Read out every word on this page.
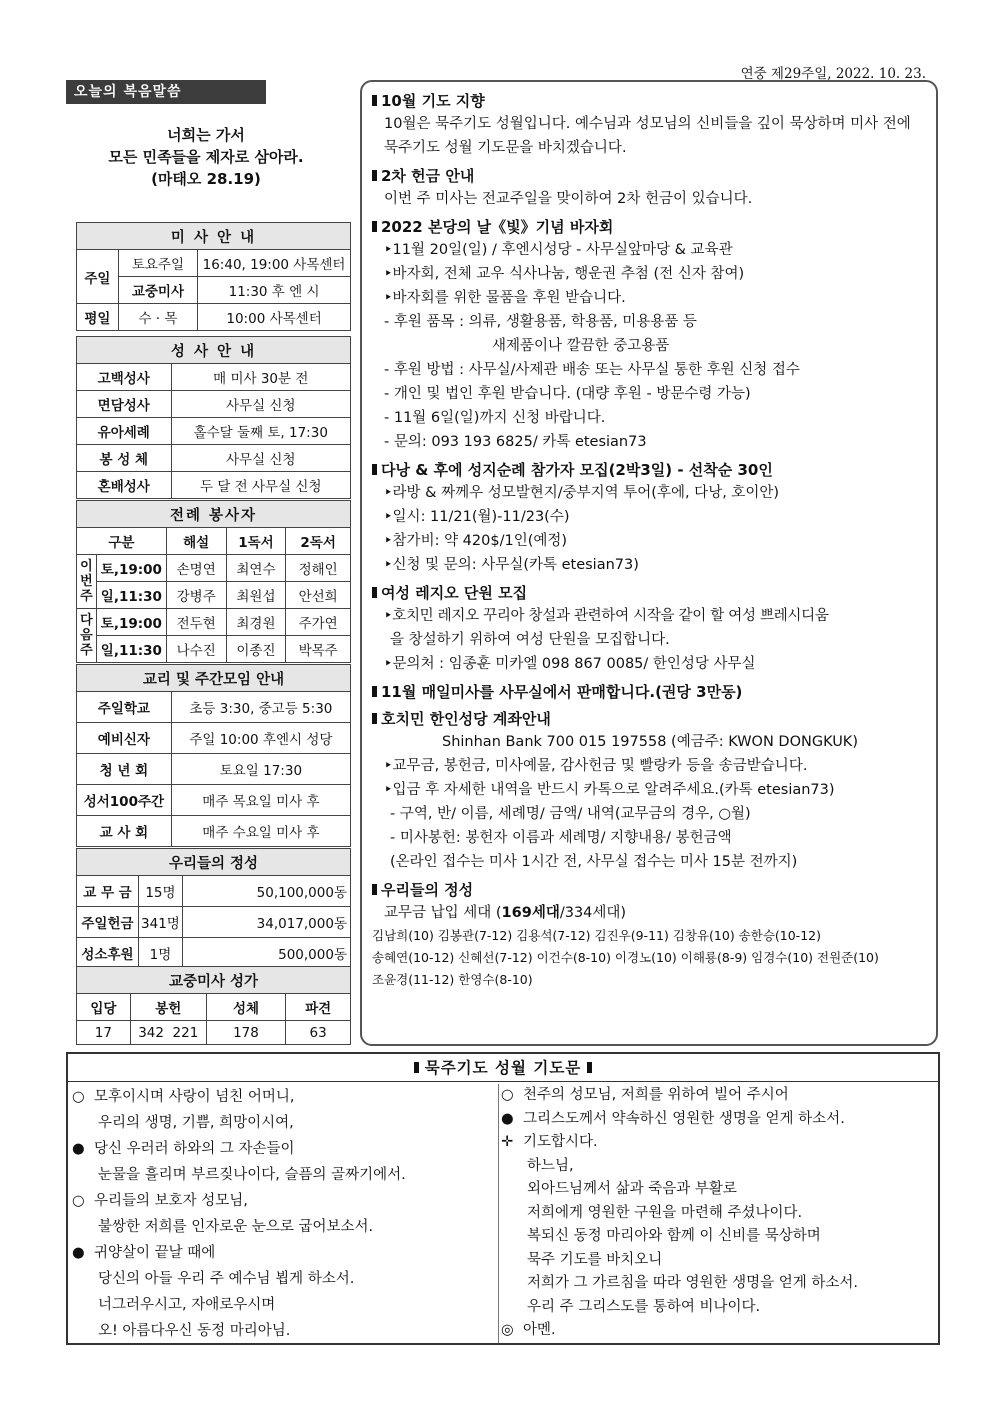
연중 제29주일, 2022. 10. 23.
오늘의 복음말씀
너희는 가서
모든 민족들을 제자로 삼아라.
(마태오 28.19)
미 사 안 내		
주일	토요주일	16:40, 19:00 사목센터
	교중미사	11:30 후 엔 시
평일	수 · 목	10:00 사목센터
성 사 안 내	
고백성사	매 미사 30분 전
면담성사	사무실 신청
유아세례	홀수달 둘째 토, 17:30
봉 성 체	사무실 신청
혼배성사	두 달 전 사무실 신청
전례 봉사자				
구분		해설	1독서	2독서
이번주	토,19:00	손명연	최연수	정해인
	일,11:30	강병주	최원섭	안선희
다음주	토,19:00	전두현	최경원	주가연
	일,11:30	나수진	이종진	박목주
교리 및 주간모임 안내	
주일학교	초등 3:30, 중고등 5:30
예비신자	주일 10:00 후엔시 성당
청 년 회	토요일 17:30
성서100주간	매주 목요일 미사 후
교 사 회	매주 수요일 미사 후
우리들의 정성		
교 무 금	15명	50,100,000동
주일헌금	341명	34,017,000동
성소후원	1명	500,000동
교중미사 성가			
입당	봉헌	성체	파견
17	342  221	178	63
10월 기도 지향
10월은 묵주기도 성월입니다. 예수님과 성모님의 신비들을 깊이 묵상하며 미사 전에 묵주기도 성월 기도문을 바치겠습니다.
2차 헌금 안내
이번 주 미사는 전교주일을 맞이하여 2차 헌금이 있습니다.
2022 본당의 날《빛》기념 바자회
‣11월 20일(일) / 후엔시성당 - 사무실앞마당 & 교육관
‣바자회, 전체 교우 식사나눔, 행운권 추첨 (전 신자 참여)
‣바자회를 위한 물품을 후원 받습니다.
- 후원 품목 : 의류, 생활용품, 학용품, 미용용품 등
새제품이나 깔끔한 중고용품
- 후원 방법 : 사무실/사제관 배송 또는 사무실 통한 후원 신청 접수
- 개인 및 법인 후원 받습니다. (대량 후원 - 방문수령 가능)
- 11월 6일(일)까지 신청 바랍니다.
- 문의: 093 193 6825/ 카톡 etesian73
다낭 & 후에 성지순례 참가자 모집(2박3일) - 선착순 30인
‣라방 & 짜께우 성모발현지/중부지역 투어(후에, 다낭, 호이안)
‣일시: 11/21(월)-11/23(수)
‣참가비: 약 420$/1인(예정)
‣신청 및 문의: 사무실(카톡 etesian73)
여성 레지오 단원 모집
‣호치민 레지오 꾸리아 창설과 관련하여 시작을 같이 할 여성 쁘레시디움
을 창설하기 위하여 여성 단원을 모집합니다.
‣문의처 : 임종훈 미카엘 098 867 0085/ 한인성당 사무실
11월 매일미사를 사무실에서 판매합니다.(권당 3만동)
호치민 한인성당 계좌안내
Shinhan Bank 700 015 197558 (예금주: KWON DONGKUK)
‣교무금, 봉헌금, 미사예물, 감사헌금 및 빨랑카 등을 송금받습니다.
‣입금 후 자세한 내역을 반드시 카톡으로 알려주세요.(카톡 etesian73)
- 구역, 반/ 이름, 세례명/ 금액/ 내역(교무금의 경우, ○월)
- 미사봉헌: 봉헌자 이름과 세례명/ 지향내용/ 봉헌금액
(온라인 접수는 미사 1시간 전, 사무실 접수는 미사 15분 전까지)
우리들의 정성
교무금 납입 세대 (169세대/334세대)
김남희(10) 김봉관(7-12) 김용석(7-12) 김진우(9-11) 김창유(10) 송한승(10-12)
송혜연(10-12) 신혜선(7-12) 이건수(8-10) 이경노(10) 이해룡(8-9) 임경수(10) 전원준(10)
조윤경(11-12) 한영수(8-10)
묵주기도 성월 기도문
○ 모후이시며 사랑이 넘친 어머니,
우리의 생명, 기쁨, 희망이시여,
● 당신 우러러 하와의 그 자손들이
눈물을 흘리며 부르짖나이다, 슬픔의 골짜기에서.
○ 우리들의 보호자 성모님,
불쌍한 저희를 인자로운 눈으로 굽어보소서.
● 귀양살이 끝날 때에
당신의 아들 우리 주 예수님 뵙게 하소서.
너그러우시고, 자애로우시며
오! 아름다우신 동정 마리아님.
○ 천주의 성모님, 저희를 위하여 빌어 주시어
● 그리스도께서 약속하신 영원한 생명을 얻게 하소서.
✛ 기도합시다.
하느님,
외아드님께서 삶과 죽음과 부활로
저희에게 영원한 구원을 마련해 주셨나이다.
복되신 동정 마리아와 함께 이 신비를 묵상하며
묵주 기도를 바치오니
저희가 그 가르침을 따라 영원한 생명을 얻게 하소서.
우리 주 그리스도를 통하여 비나이다.
◎ 아멘.
